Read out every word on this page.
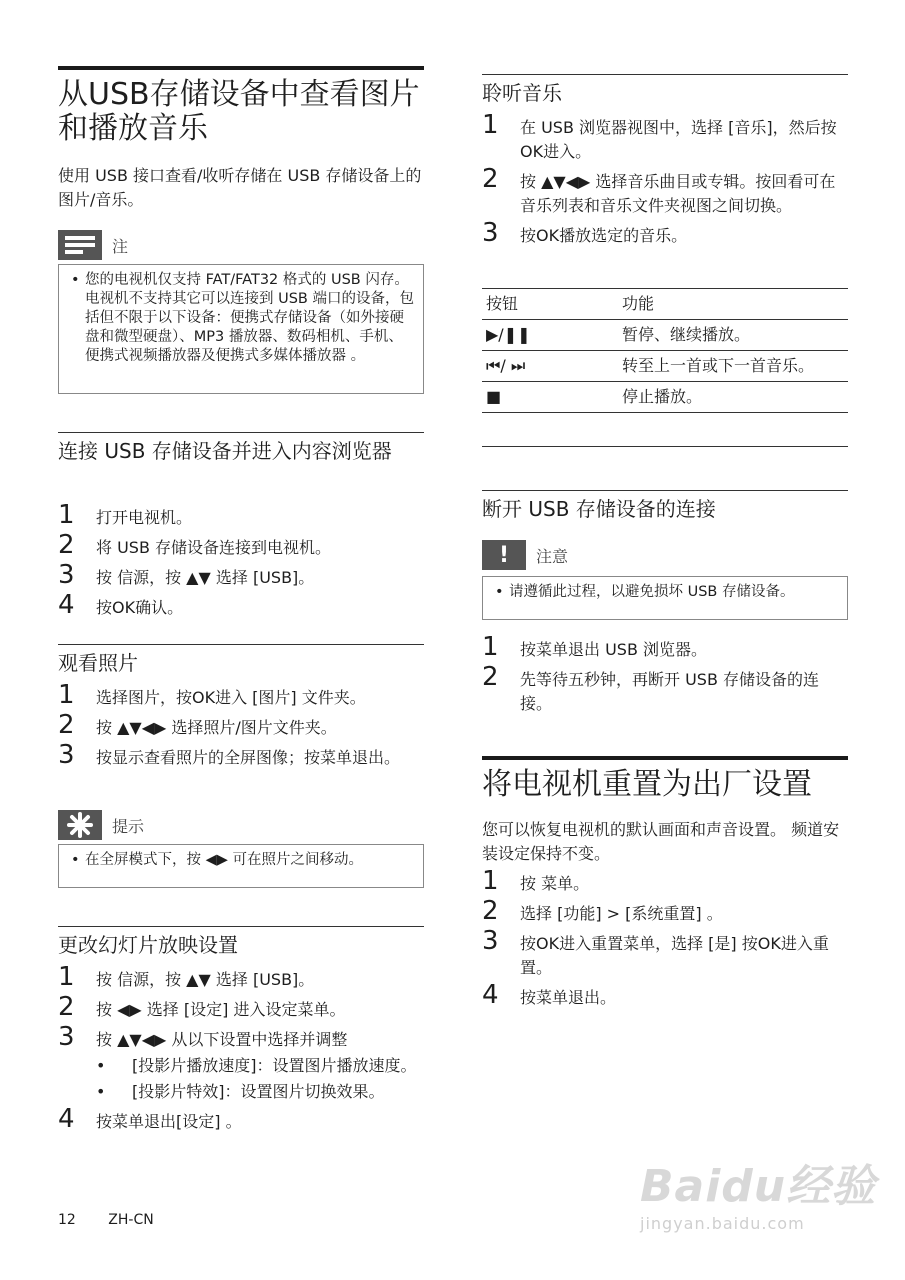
从USB存储设备中查看图片和播放音乐

使用 USB 接口查看/收听存储在 USB 存储设备上的图片/音乐。

注
• 您的电视机仅支持 FAT/FAT32 格式的 USB 闪存。电视机不支持其它可以连接到 USB 端口的设备，包括但不限于以下设备：便携式存储设备（如外接硬盘和微型硬盘）、MP3 播放器、数码相机、手机、便携式视频播放器及便携式多媒体播放器 。
连接 USB 存储设备并进入内容浏览器
1 打开电视机。
2 将 USB 存储设备连接到电视机。
3 按 信源，按 ▲▼ 选择 [USB]。
4 按OK确认。
观看照片
1 选择图片，按OK进入 [图片] 文件夹。
2 按 ▲▼◀▶ 选择照片/图片文件夹。
3 按显示查看照片的全屏图像；按菜单退出。
提示
• 在全屏模式下，按 ◀▶ 可在照片之间移动。
更改幻灯片放映设置
1 按 信源，按 ▲▼ 选择 [USB]。
2 按 ◀▶ 选择 [设定] 进入设定菜单。
3 按 ▲▼◀▶ 从以下设置中选择并调整
• [投影片播放速度]：设置图片播放速度。
• [投影片特效]：设置图片切换效果。
4 按菜单退出[设定] 。
聆听音乐
1 在 USB 浏览器视图中，选择 [音乐]，然后按OK进入。
2 按 ▲▼◀▶ 选择音乐曲目或专辑。按回看可在音乐列表和音乐文件夹视图之间切换。
3 按OK播放选定的音乐。
按钮	功能
▶/❚❚	暂停、继续播放。
⏮/ ⏭	转至上一首或下一首音乐。
■	停止播放。
断开 USB 存储设备的连接
!	注意
• 请遵循此过程，以避免损坏 USB 存储设备。
1 按菜单退出 USB 浏览器。
2 先等待五秒钟，再断开 USB 存储设备的连接。
将电视机重置为出厂设置

您可以恢复电视机的默认画面和声音设置。 频道安装设定保持不变。

1 按 菜单。
2 选择 [功能] > [系统重置] 。
3 按OK进入重置菜单，选择 [是] 按OK进入重置。
4 按菜单退出。
12 ZH-CN
Baidu经验
jingyan.baidu.com
